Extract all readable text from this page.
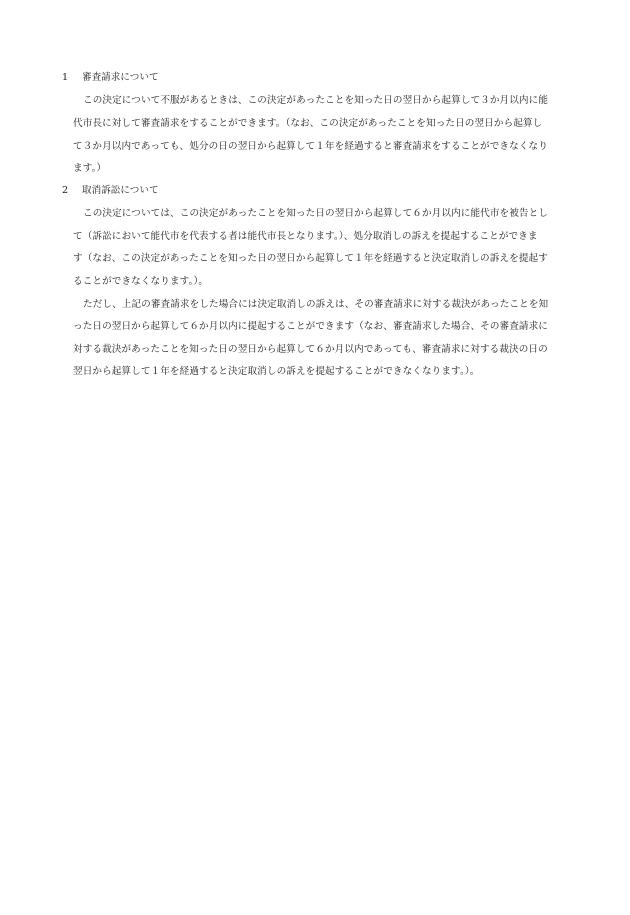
1 審査請求について
この決定について不服があるときは、この決定があったことを知った日の翌日から起算して３か月以内に能
代市長に対して審査請求をすることができます。（なお、この決定があったことを知った日の翌日から起算し
て３か月以内であっても、処分の日の翌日から起算して１年を経過すると審査請求をすることができなくなり
ます。）
2 取消訴訟について
この決定については、この決定があったことを知った日の翌日から起算して６か月以内に能代市を被告とし
て（訴訟において能代市を代表する者は能代市長となります。）、処分取消しの訴えを提起することができま
す（なお、この決定があったことを知った日の翌日から起算して１年を経過すると決定取消しの訴えを提起す
ることができなくなります。）。
ただし、上記の審査請求をした場合には決定取消しの訴えは、その審査請求に対する裁決があったことを知
った日の翌日から起算して６か月以内に提起することができます（なお、審査請求した場合、その審査請求に
対する裁決があったことを知った日の翌日から起算して６か月以内であっても、審査請求に対する裁決の日の
翌日から起算して１年を経過すると決定取消しの訴えを提起することができなくなります。）。
